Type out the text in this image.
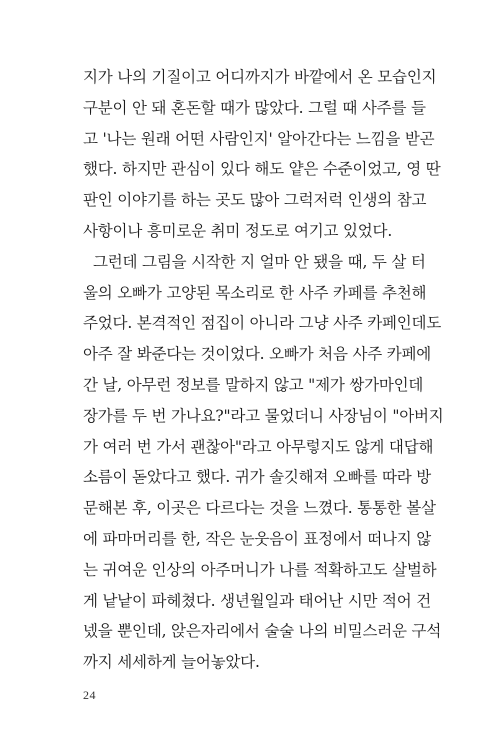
지가 나의 기질이고 어디까지가 바깥에서 온 모습인지
구분이 안 돼 혼돈할 때가 많았다. 그럴 때 사주를 들
고 '나는 원래 어떤 사람인지' 알아간다는 느낌을 받곤
했다. 하지만 관심이 있다 해도 얕은 수준이었고, 영 딴
판인 이야기를 하는 곳도 많아 그럭저럭 인생의 참고
사항이나 흥미로운 취미 정도로 여기고 있었다.
그런데 그림을 시작한 지 얼마 안 됐을 때, 두 살 터
울의 오빠가 고양된 목소리로 한 사주 카페를 추천해
주었다. 본격적인 점집이 아니라 그냥 사주 카페인데도
아주 잘 봐준다는 것이었다. 오빠가 처음 사주 카페에
간 날, 아무런 정보를 말하지 않고 "제가 쌍가마인데
장가를 두 번 가나요?"라고 물었더니 사장님이 "아버지
가 여러 번 가서 괜찮아"라고 아무렇지도 않게 대답해
소름이 돋았다고 했다. 귀가 솔깃해져 오빠를 따라 방
문해본 후, 이곳은 다르다는 것을 느꼈다. 통통한 볼살
에 파마머리를 한, 작은 눈웃음이 표정에서 떠나지 않
는 귀여운 인상의 아주머니가 나를 적확하고도 살벌하
게 낱낱이 파헤쳤다. 생년월일과 태어난 시만 적어 건
넸을 뿐인데, 앉은자리에서 술술 나의 비밀스러운 구석
까지 세세하게 늘어놓았다.
24
